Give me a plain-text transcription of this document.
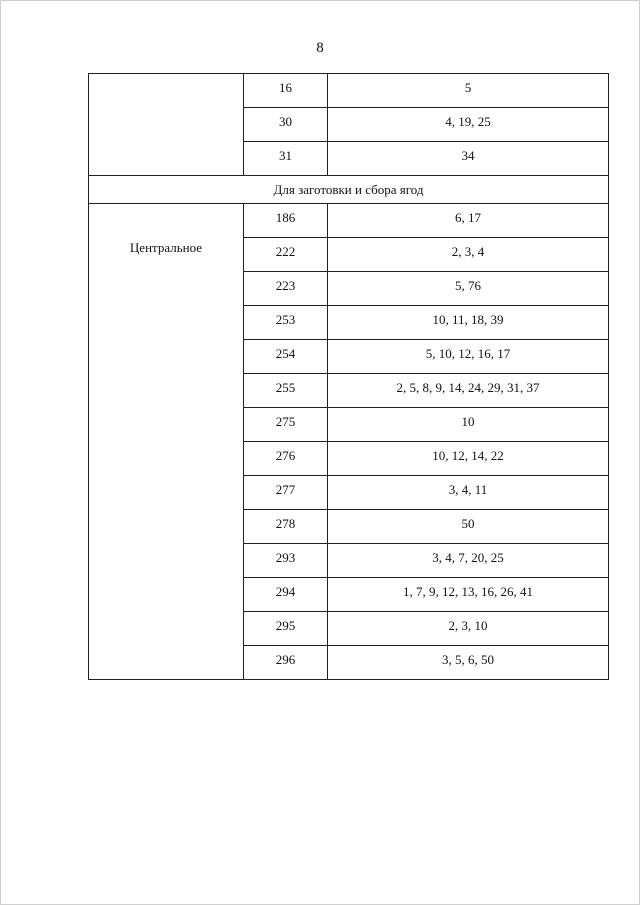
8
	16	5
	30	4, 19, 25
	31	34
Для заготовки и сбора ягод		
Центральное	186	6, 17
	222	2, 3, 4
	223	5, 76
	253	10, 11, 18, 39
	254	5, 10, 12, 16, 17
	255	2, 5, 8, 9, 14, 24, 29, 31, 37
	275	10
	276	10, 12, 14, 22
	277	3, 4, 11
	278	50
	293	3, 4, 7, 20, 25
	294	1, 7, 9, 12, 13, 16, 26, 41
	295	2, 3, 10
	296	3, 5, 6, 50
